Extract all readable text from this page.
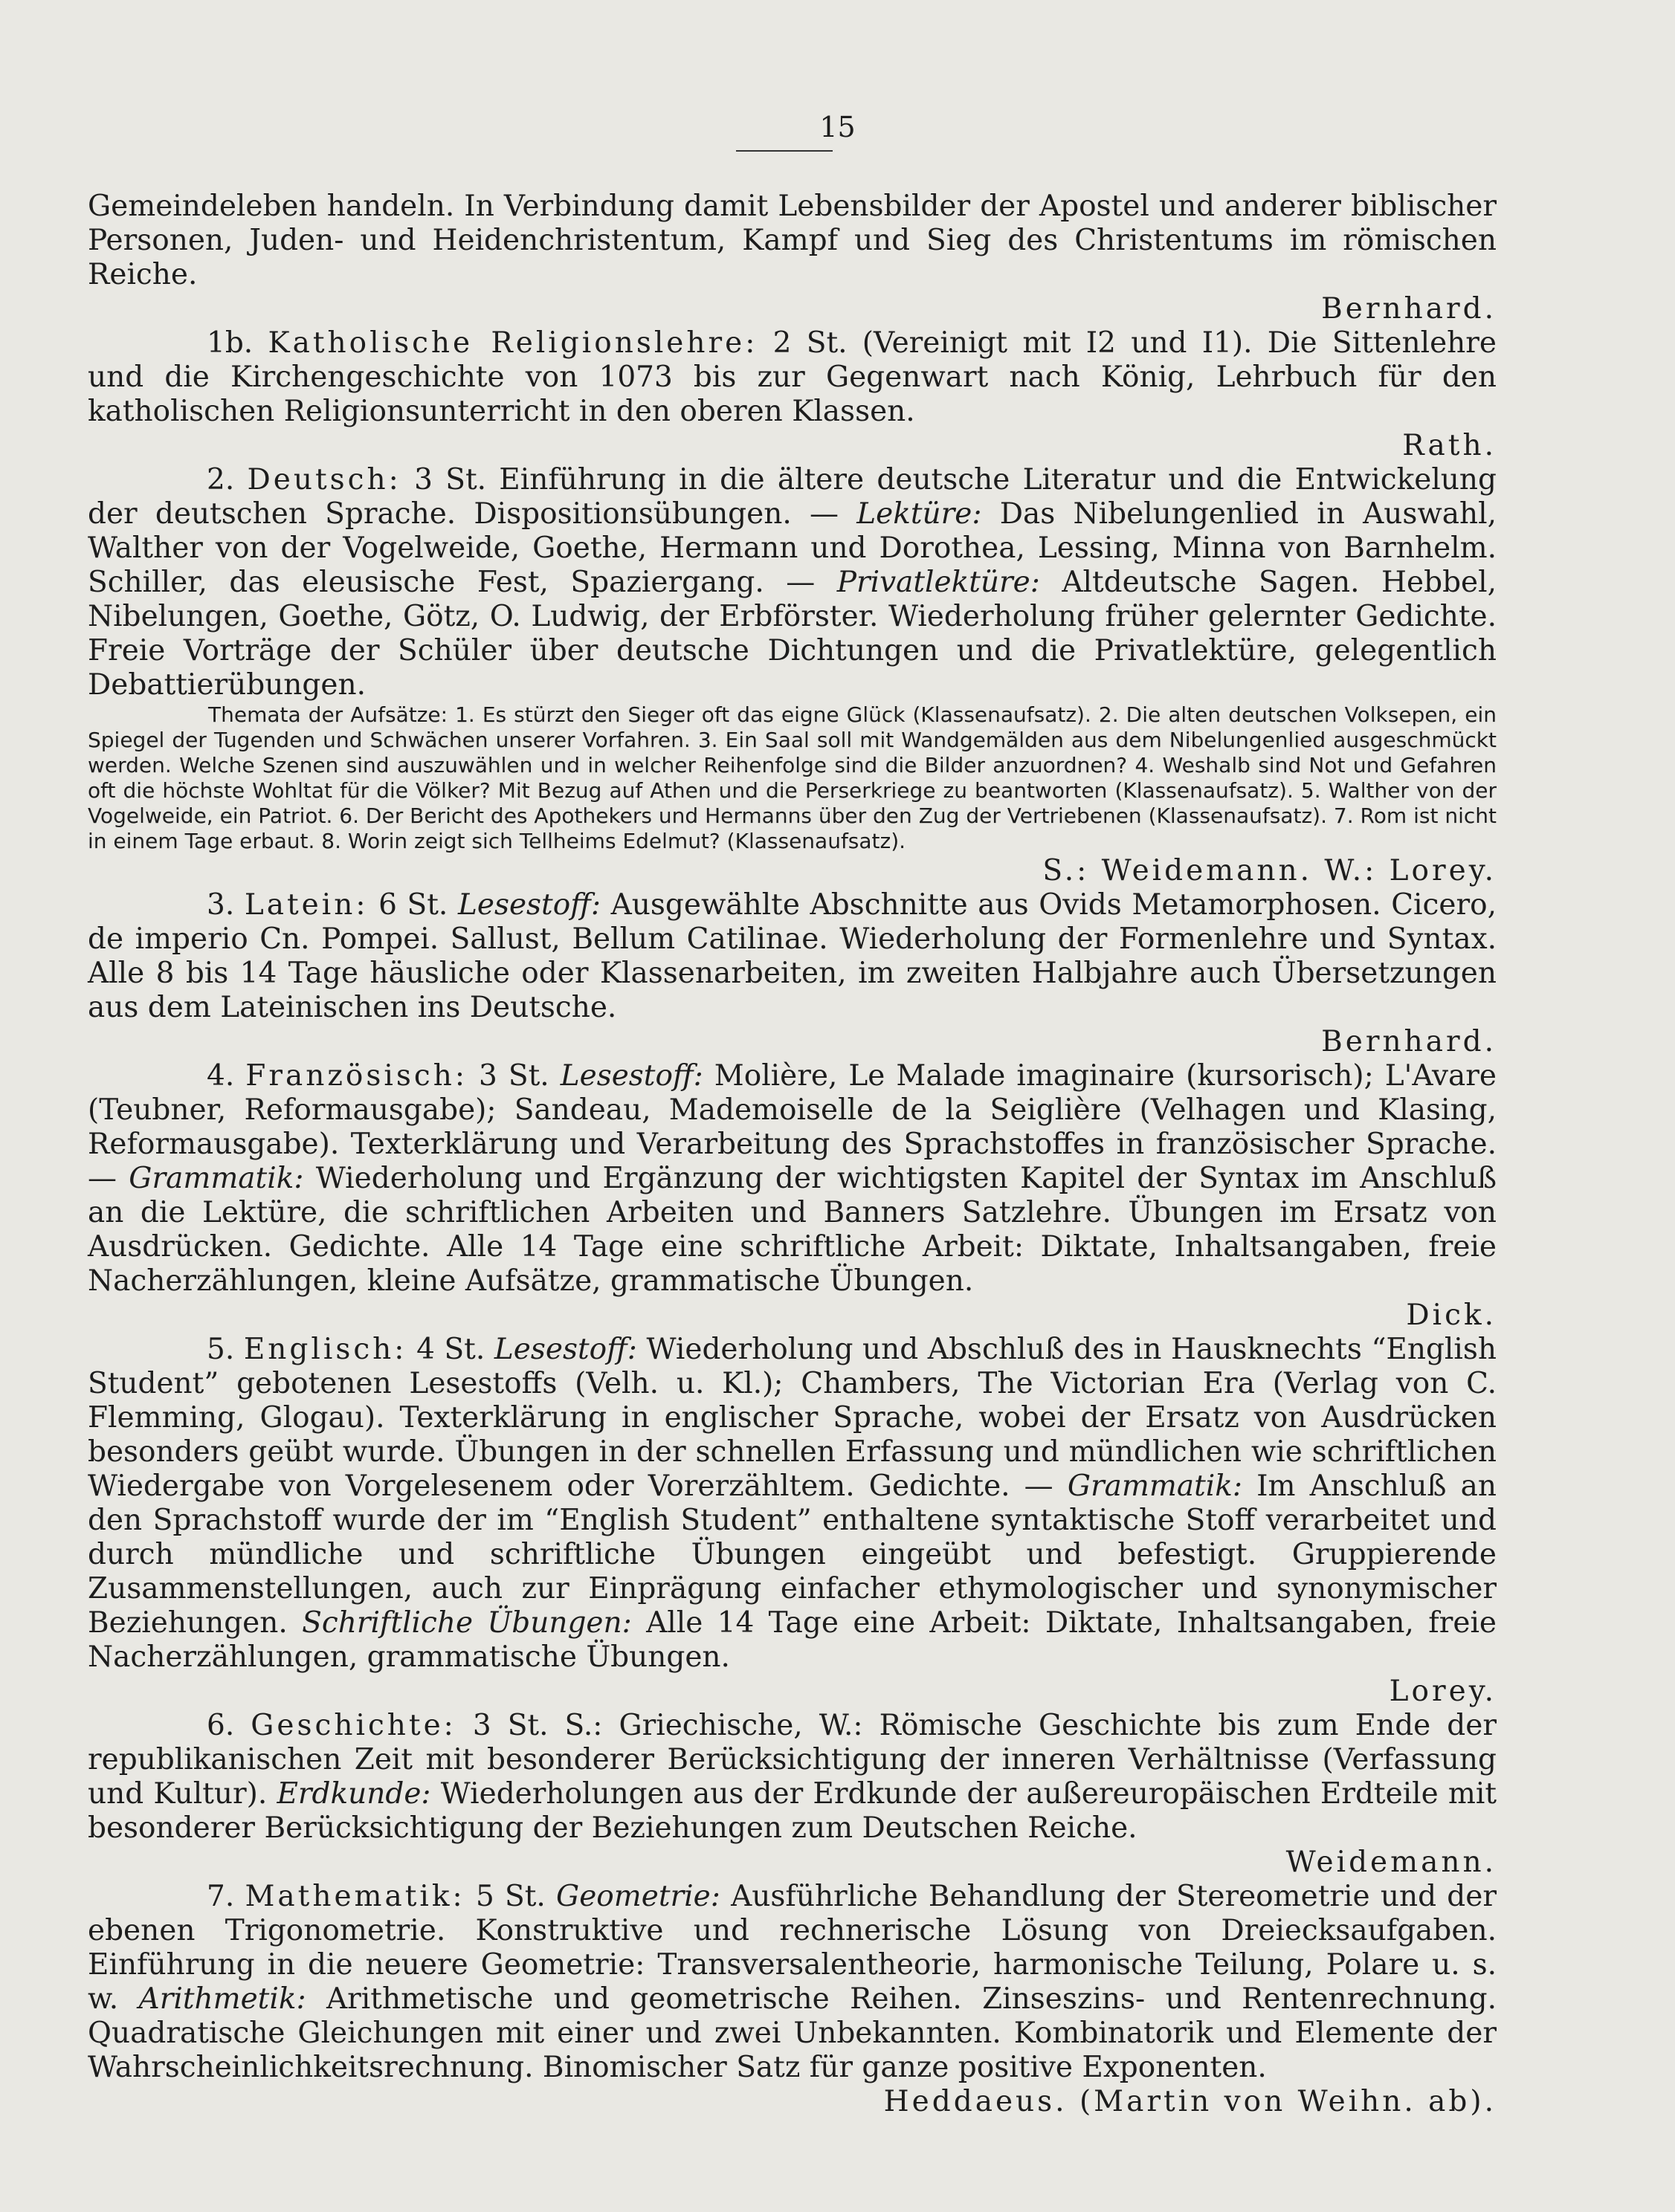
15

Gemeindeleben handeln. In Verbindung damit Lebensbilder der Apostel und anderer biblischer Personen, Juden- und Heidenchristentum, Kampf und Sieg des Christentums im römischen Reiche.

Bernhard.

1b. Katholische Religionslehre: 2 St. (Vereinigt mit I2 und I1). Die Sittenlehre und die Kirchengeschichte von 1073 bis zur Gegenwart nach König, Lehrbuch für den katholischen Religionsunterricht in den oberen Klassen.

Rath.

2. Deutsch: 3 St. Einführung in die ältere deutsche Literatur und die Entwickelung der deutschen Sprache. Dispositionsübungen. — Lektüre: Das Nibelungenlied in Auswahl, Walther von der Vogelweide, Goethe, Hermann und Dorothea, Lessing, Minna von Barnhelm. Schiller, das eleusische Fest, Spaziergang. — Privatlektüre: Altdeutsche Sagen. Hebbel, Nibelungen, Goethe, Götz, O. Ludwig, der Erbförster. Wiederholung früher gelernter Gedichte. Freie Vorträge der Schüler über deutsche Dichtungen und die Privatlektüre, gelegentlich Debattierübungen.

Themata der Aufsätze: 1. Es stürzt den Sieger oft das eigne Glück (Klassenaufsatz). 2. Die alten deutschen Volksepen, ein Spiegel der Tugenden und Schwächen unserer Vorfahren. 3. Ein Saal soll mit Wandgemälden aus dem Nibelungenlied ausgeschmückt werden. Welche Szenen sind auszuwählen und in welcher Reihenfolge sind die Bilder anzuordnen? 4. Weshalb sind Not und Gefahren oft die höchste Wohltat für die Völker? Mit Bezug auf Athen und die Perserkriege zu beantworten (Klassenaufsatz). 5. Walther von der Vogelweide, ein Patriot. 6. Der Bericht des Apothekers und Hermanns über den Zug der Vertriebenen (Klassenaufsatz). 7. Rom ist nicht in einem Tage erbaut. 8. Worin zeigt sich Tellheims Edelmut? (Klassenaufsatz).

S.: Weidemann. W.: Lorey.

3. Latein: 6 St. Lesestoff: Ausgewählte Abschnitte aus Ovids Metamorphosen. Cicero, de imperio Cn. Pompei. Sallust, Bellum Catilinae. Wiederholung der Formenlehre und Syntax. Alle 8 bis 14 Tage häusliche oder Klassenarbeiten, im zweiten Halbjahre auch Übersetzungen aus dem Lateinischen ins Deutsche.

Bernhard.

4. Französisch: 3 St. Lesestoff: Molière, Le Malade imaginaire (kursorisch); L'Avare (Teubner, Reformausgabe); Sandeau, Mademoiselle de la Seiglière (Velhagen und Klasing, Reformausgabe). Texterklärung und Verarbeitung des Sprachstoffes in französischer Sprache. — Grammatik: Wiederholung und Ergänzung der wichtigsten Kapitel der Syntax im Anschluß an die Lektüre, die schriftlichen Arbeiten und Banners Satzlehre. Übungen im Ersatz von Ausdrücken. Gedichte. Alle 14 Tage eine schriftliche Arbeit: Diktate, Inhaltsangaben, freie Nacherzählungen, kleine Aufsätze, grammatische Übungen.

Dick.

5. Englisch: 4 St. Lesestoff: Wiederholung und Abschluß des in Hausknechts “English Student” gebotenen Lesestoffs (Velh. u. Kl.); Chambers, The Victorian Era (Verlag von C. Flemming, Glogau). Texterklärung in englischer Sprache, wobei der Ersatz von Ausdrücken besonders geübt wurde. Übungen in der schnellen Erfassung und mündlichen wie schriftlichen Wiedergabe von Vorgelesenem oder Vorerzähltem. Gedichte. — Grammatik: Im Anschluß an den Sprachstoff wurde der im “English Student” enthaltene syntaktische Stoff verarbeitet und durch mündliche und schriftliche Übungen eingeübt und befestigt. Gruppierende Zusammenstellungen, auch zur Einprägung einfacher ethymologischer und synonymischer Beziehungen. Schriftliche Übungen: Alle 14 Tage eine Arbeit: Diktate, Inhaltsangaben, freie Nacherzählungen, grammatische Übungen.

Lorey.

6. Geschichte: 3 St. S.: Griechische, W.: Römische Geschichte bis zum Ende der republikanischen Zeit mit besonderer Berücksichtigung der inneren Verhältnisse (Verfassung und Kultur). Erdkunde: Wiederholungen aus der Erdkunde der außereuropäischen Erdteile mit besonderer Berücksichtigung der Beziehungen zum Deutschen Reiche.

Weidemann.

7. Mathematik: 5 St. Geometrie: Ausführliche Behandlung der Stereometrie und der ebenen Trigonometrie. Konstruktive und rechnerische Lösung von Dreiecksaufgaben. Einführung in die neuere Geometrie: Transversalentheorie, harmonische Teilung, Polare u. s. w. Arithmetik: Arithmetische und geometrische Reihen. Zinseszins- und Rentenrechnung. Quadratische Gleichungen mit einer und zwei Unbekannten. Kombinatorik und Elemente der Wahrscheinlichkeitsrechnung. Binomischer Satz für ganze positive Exponenten.

Heddaeus. (Martin von Weihn. ab).
